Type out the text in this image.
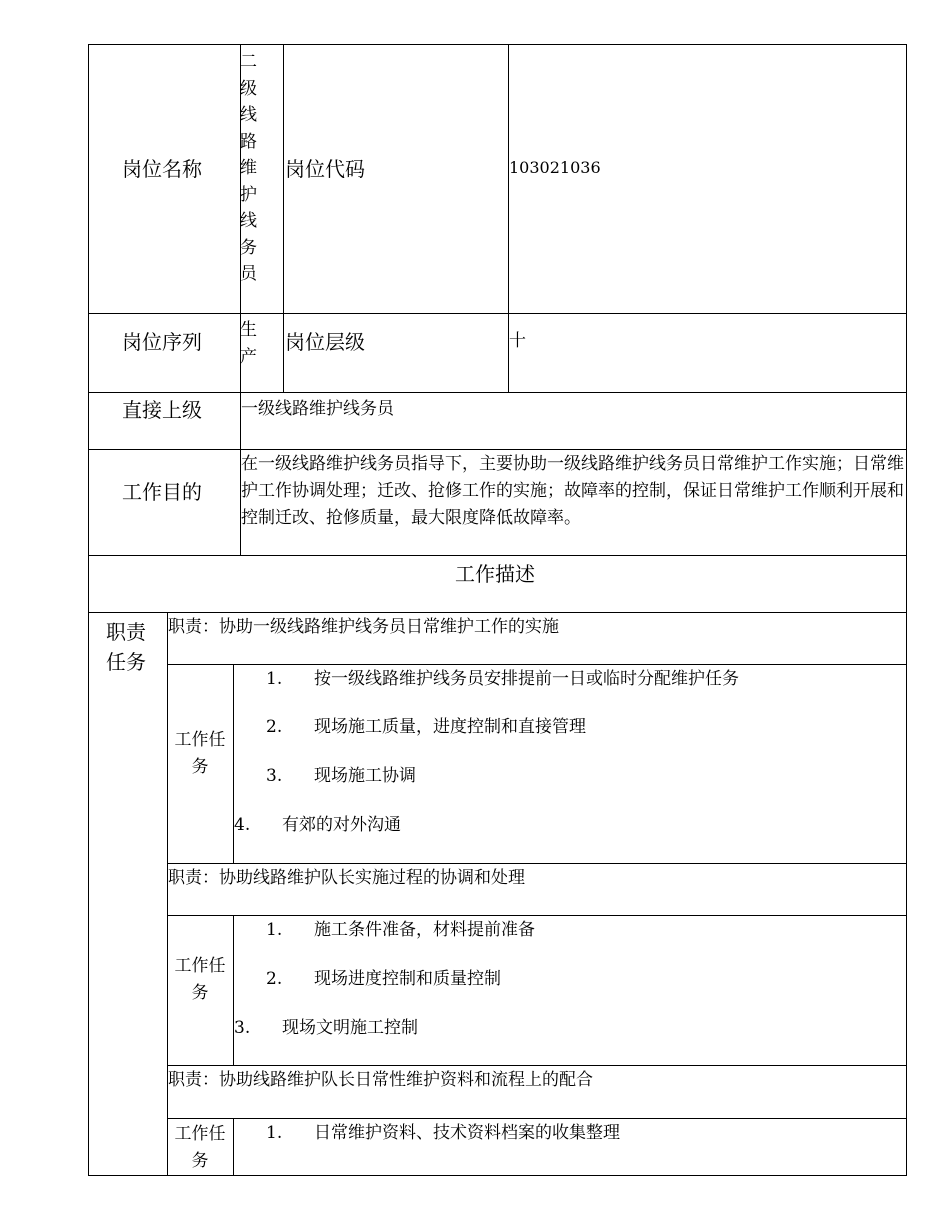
岗位名称
二级线路维护线务员
岗位代码	103021036
岗位序列 生产
岗位层级	十
直接上级 一级线路维护线务员
工作目的
在一级线路维护线务员指导下，主要协助一级线路维护线务员日常维护工作实施；日常维护工作协调处理；迁改、抢修工作的实施；故障率的控制，保证日常维护工作顺利开展和控制迁改、抢修质量，最大限度降低故障率。
工作描述
职责任务
职责：协助一级线路维护线务员日常维护工作的实施
工作任务
1. 按一级线路维护线务员安排提前一日或临时分配维护任务
2. 现场施工质量，进度控制和直接管理
3. 现场施工协调
4. 有郊的对外沟通
职责：协助线路维护队长实施过程的协调和处理
工作任务
1. 施工条件准备，材料提前准备
2. 现场进度控制和质量控制
3. 现场文明施工控制
职责：协助线路维护队长日常性维护资料和流程上的配合
工作任务
1. 日常维护资料、技术资料档案的收集整理
